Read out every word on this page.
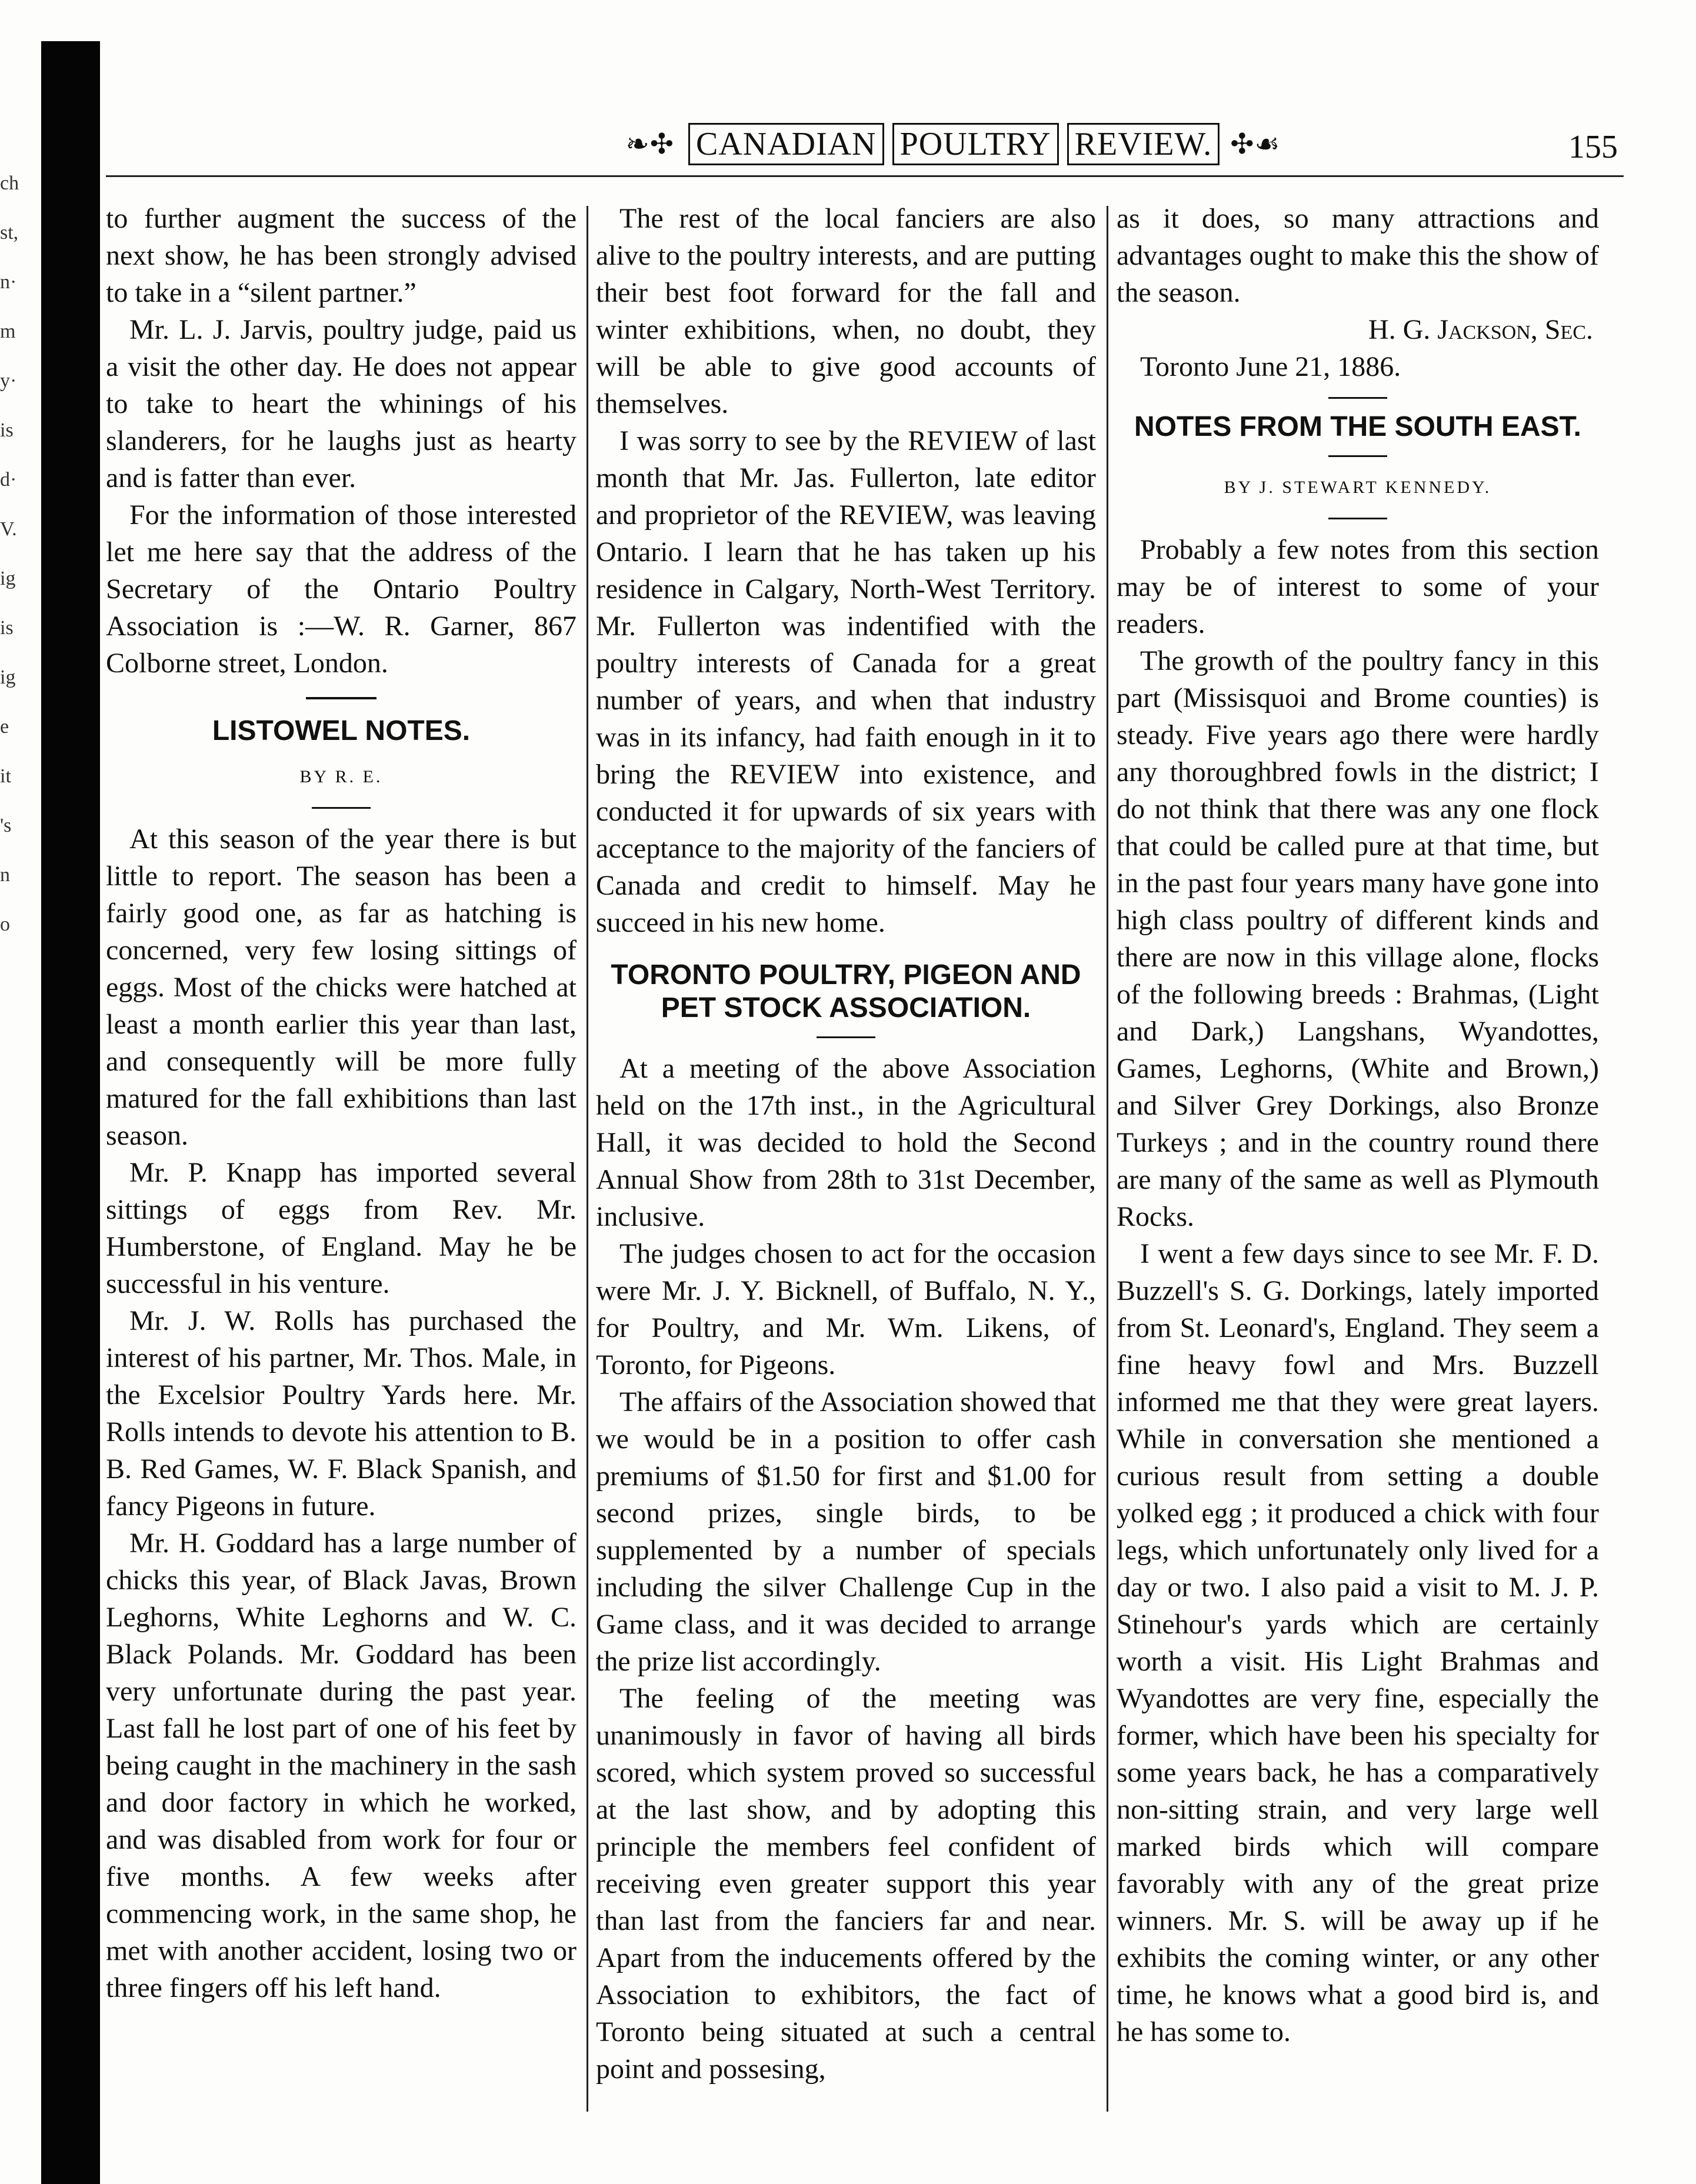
ch
st,
n·
m
y·
is
d·
V.
ig
is
ig
e
it
's
n
o
❧✣ CANADIAN POULTRY REVIEW. ✣☙	155

to further augment the success of the next show, he has been strongly advised to take in a “silent partner.”

Mr. L. J. Jarvis, poultry judge, paid us a visit the other day. He does not appear to take to heart the whinings of his slanderers, for he laughs just as hearty and is fatter than ever.

For the information of those interested let me here say that the address of the Secretary of the Ontario Poultry Association is :—W. R. Garner, 867 Colborne street, London.

LISTOWEL NOTES.
BY R. E.

At this season of the year there is but little to report. The season has been a fairly good one, as far as hatching is concerned, very few losing sittings of eggs. Most of the chicks were hatched at least a month earlier this year than last, and consequently will be more fully matured for the fall exhibitions than last season.

Mr. P. Knapp has imported several sittings of eggs from Rev. Mr. Humberstone, of England. May he be successful in his venture.

Mr. J. W. Rolls has purchased the interest of his partner, Mr. Thos. Male, in the Excelsior Poultry Yards here. Mr. Rolls intends to devote his attention to B. B. Red Games, W. F. Black Spanish, and fancy Pigeons in future.

Mr. H. Goddard has a large number of chicks this year, of Black Javas, Brown Leghorns, White Leghorns and W. C. Black Polands. Mr. Goddard has been very unfortunate during the past year. Last fall he lost part of one of his feet by being caught in the machinery in the sash and door factory in which he worked, and was disabled from work for four or five months. A few weeks after commencing work, in the same shop, he met with another accident, losing two or three fingers off his left hand.

The rest of the local fanciers are also alive to the poultry interests, and are putting their best foot forward for the fall and winter exhibitions, when, no doubt, they will be able to give good accounts of themselves.

I was sorry to see by the REVIEW of last month that Mr. Jas. Fullerton, late editor and proprietor of the REVIEW, was leaving Ontario. I learn that he has taken up his residence in Calgary, North-West Territory. Mr. Fullerton was indentified with the poultry interests of Canada for a great number of years, and when that industry was in its infancy, had faith enough in it to bring the REVIEW into existence, and conducted it for upwards of six years with acceptance to the majority of the fanciers of Canada and credit to himself. May he succeed in his new home.

TORONTO POULTRY, PIGEON AND
PET STOCK ASSOCIATION.

At a meeting of the above Association held on the 17th inst., in the Agricultural Hall, it was decided to hold the Second Annual Show from 28th to 31st December, inclusive.

The judges chosen to act for the occasion were Mr. J. Y. Bicknell, of Buffalo, N. Y., for Poultry, and Mr. Wm. Likens, of Toronto, for Pigeons.

The affairs of the Association showed that we would be in a position to offer cash premiums of $1.50 for first and $1.00 for second prizes, single birds, to be supplemented by a number of specials including the silver Challenge Cup in the Game class, and it was decided to arrange the prize list accordingly.

The feeling of the meeting was unanimously in favor of having all birds scored, which system proved so successful at the last show, and by adopting this principle the members feel confident of receiving even greater support this year than last from the fanciers far and near. Apart from the inducements offered by the Association to exhibitors, the fact of Toronto being situated at such a central point and possesing,

as it does, so many attractions and advantages ought to make this the show of the season.

H. G. Jackson, Sec.
Toronto June 21, 1886.
NOTES FROM THE SOUTH EAST.
BY J. STEWART KENNEDY.

Probably a few notes from this section may be of interest to some of your readers.

The growth of the poultry fancy in this part (Missisquoi and Brome counties) is steady. Five years ago there were hardly any thoroughbred fowls in the district; I do not think that there was any one flock that could be called pure at that time, but in the past four years many have gone into high class poultry of different kinds and there are now in this village alone, flocks of the following breeds : Brahmas, (Light and Dark,) Langshans, Wyandottes, Games, Leghorns, (White and Brown,) and Silver Grey Dorkings, also Bronze Turkeys ; and in the country round there are many of the same as well as Plymouth Rocks.

I went a few days since to see Mr. F. D. Buzzell's S. G. Dorkings, lately imported from St. Leonard's, England. They seem a fine heavy fowl and Mrs. Buzzell informed me that they were great layers. While in conversation she mentioned a curious result from setting a double yolked egg ; it produced a chick with four legs, which unfortunately only lived for a day or two. I also paid a visit to M. J. P. Stinehour's yards which are certainly worth a visit. His Light Brahmas and Wyandottes are very fine, especially the former, which have been his specialty for some years back, he has a comparatively non-sitting strain, and very large well marked birds which will compare favorably with any of the great prize winners. Mr. S. will be away up if he exhibits the coming winter, or any other time, he knows what a good bird is, and he has some to.
